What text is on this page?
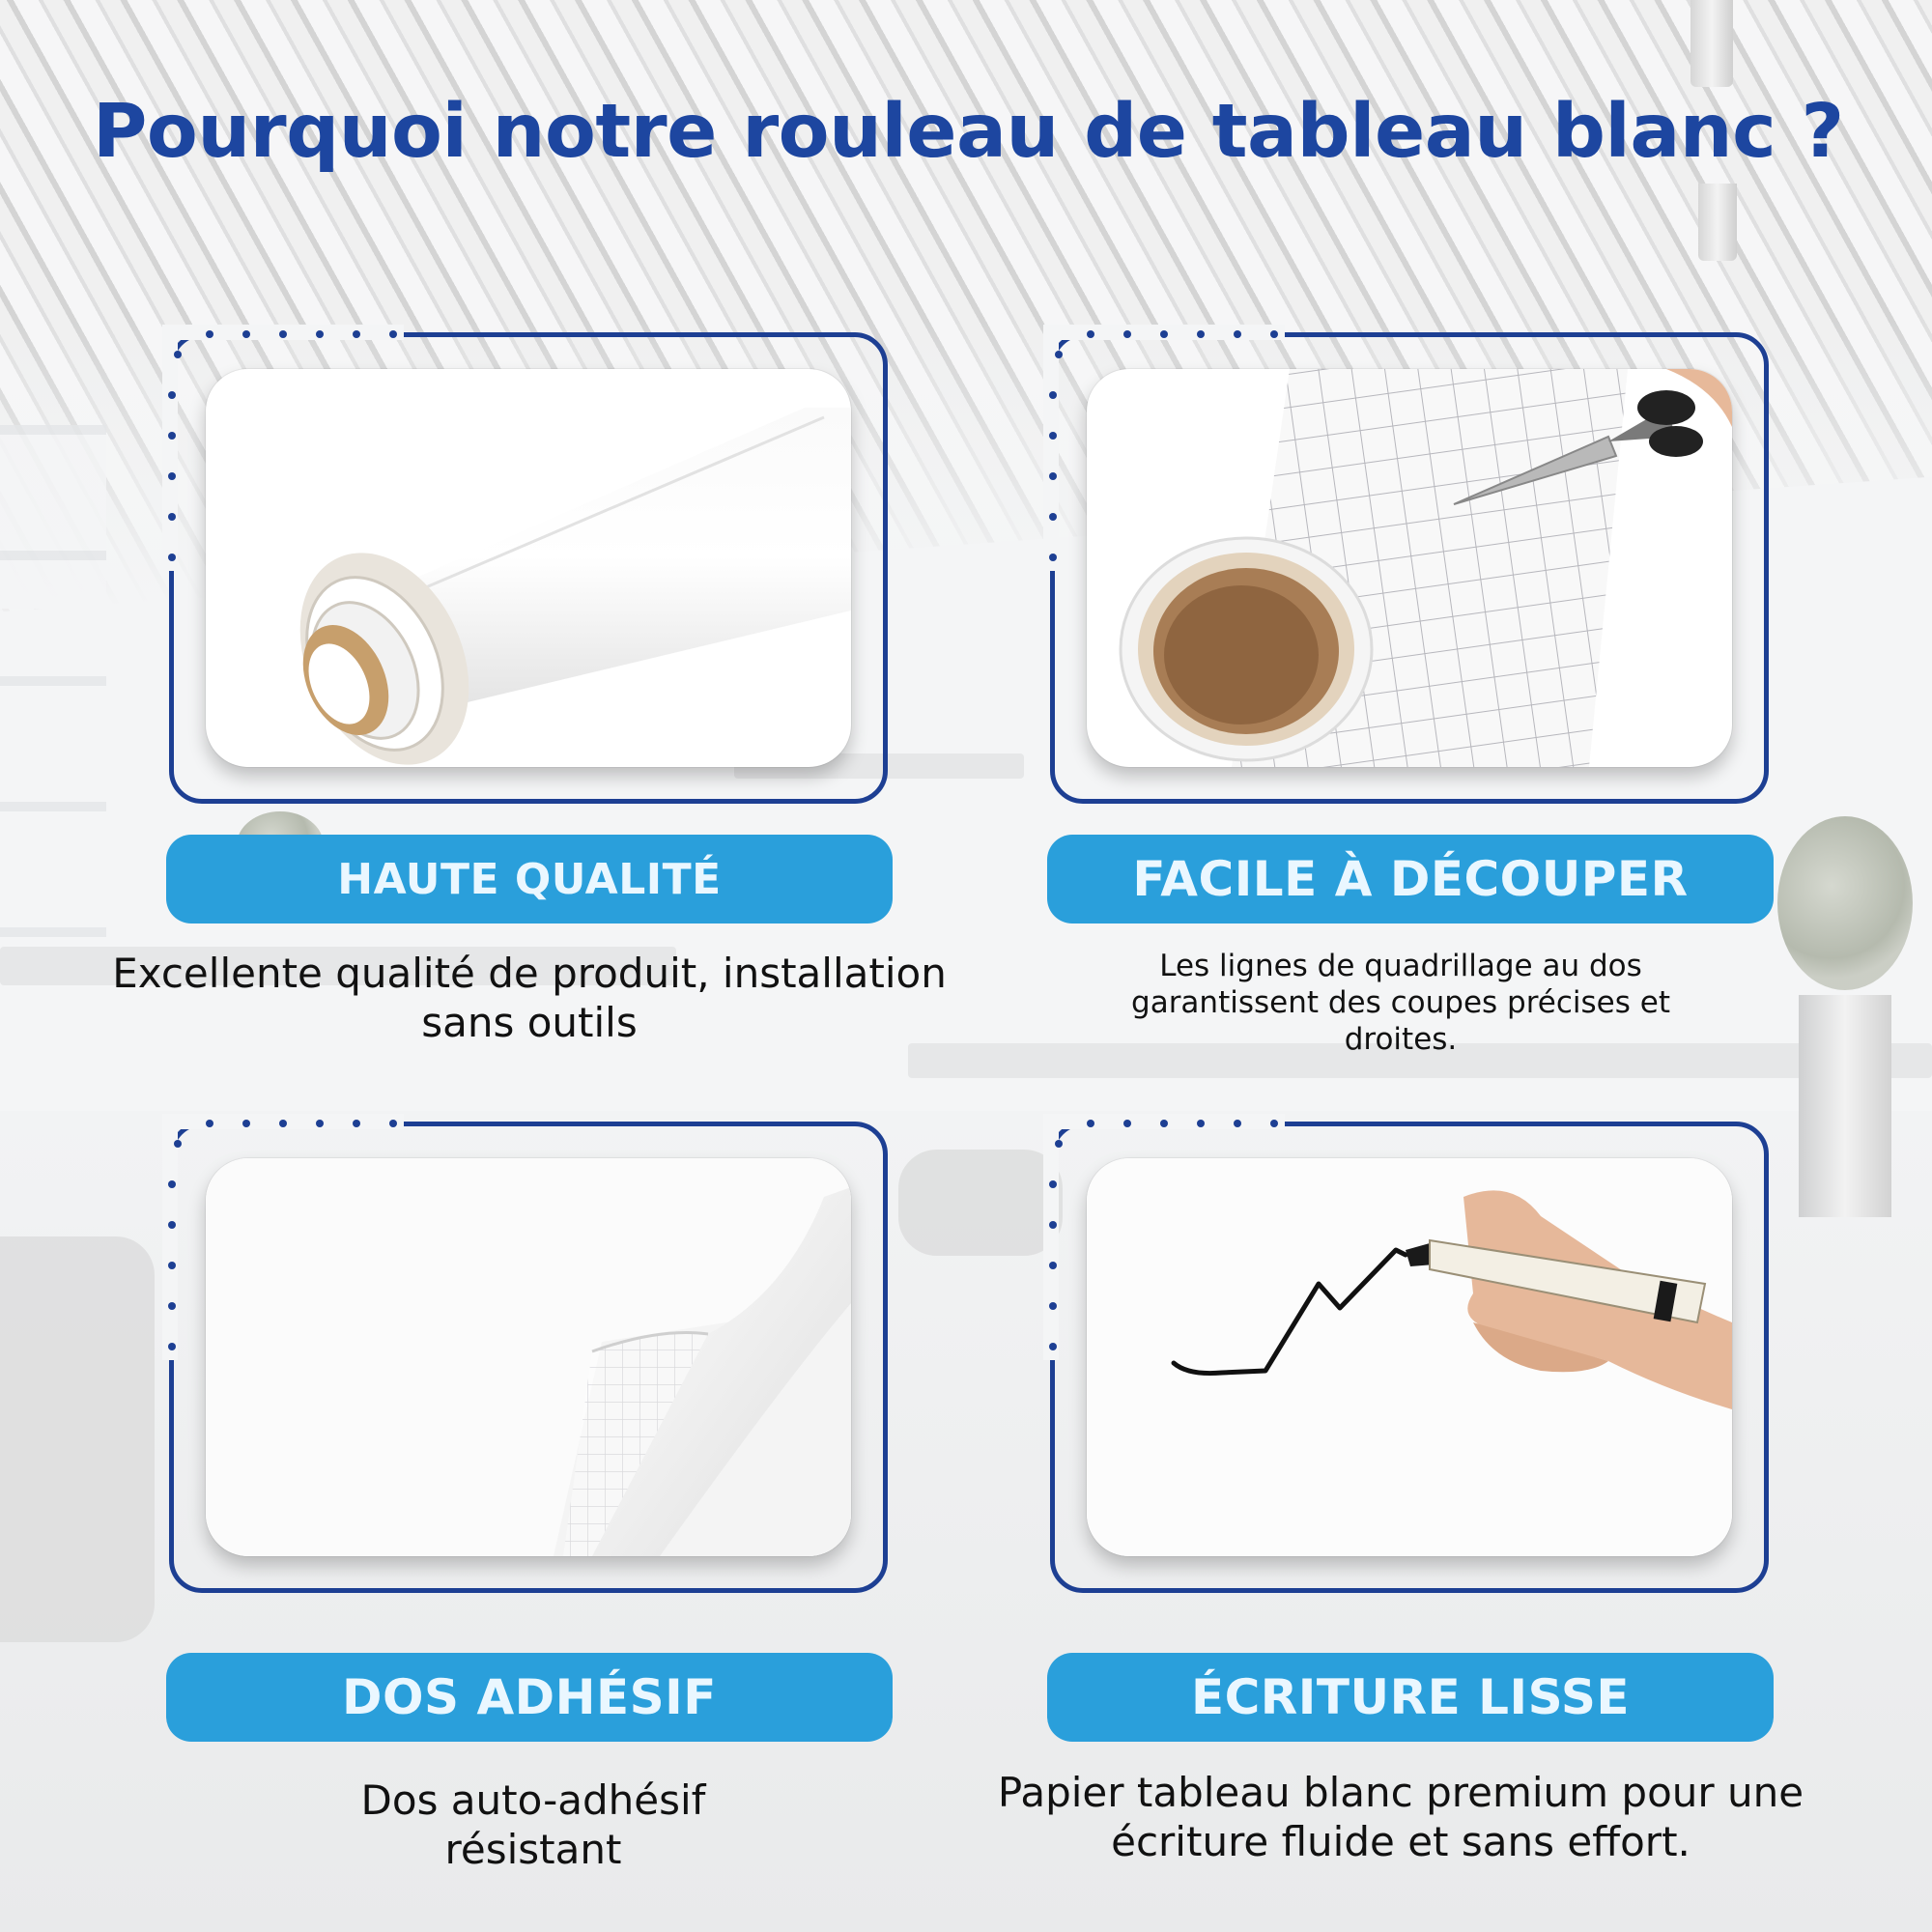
Pourquoi notre rouleau de tableau blanc ?
HAUTE QUALITÉ
Excellente qualité de produit, installation sans outils
FACILE À DÉCOUPER
Les lignes de quadrillage au dos garantissent des coupes précises et droites.
DOS ADHÉSIF
Dos auto-adhésif résistant
ÉCRITURE LISSE
Papier tableau blanc premium pour une écriture fluide et sans effort.
